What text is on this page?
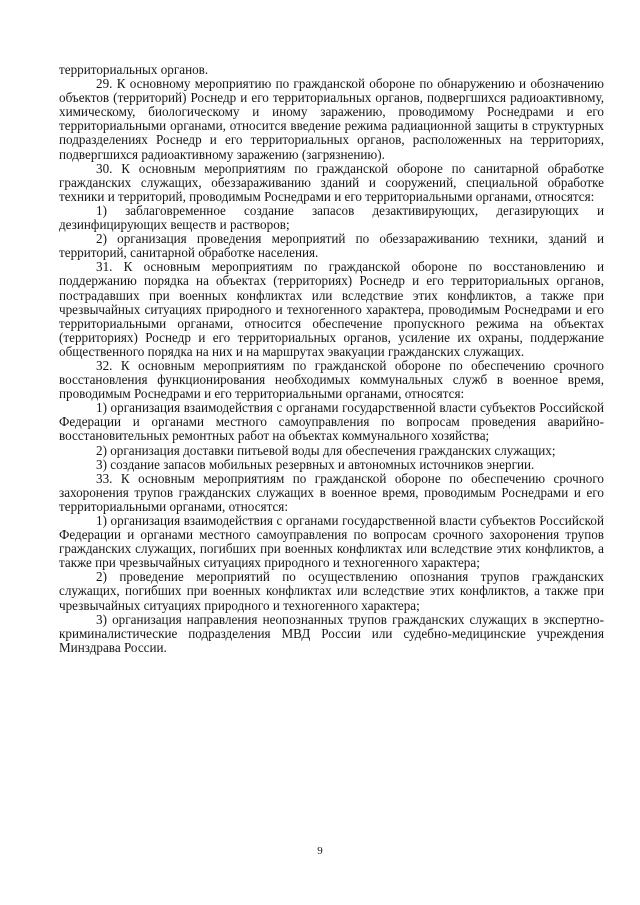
территориальных органов.

29. К основному мероприятию по гражданской обороне по обнаружению и обозначению объектов (территорий) Роснедр и его территориальных органов, подвергшихся радиоактивному, химическому, биологическому и иному заражению, проводимому Роснедрами и его территориальными органами, относится введение режима радиационной защиты в структурных подразделениях Роснедр и его территориальных органов, расположенных на территориях, подвергшихся радиоактивному заражению (загрязнению).

30. К основным мероприятиям по гражданской обороне по санитарной обработке гражданских служащих, обеззараживанию зданий и сооружений, специальной обработке техники и территорий, проводимым Роснедрами и его территориальными органами, относятся:

1) заблаговременное создание запасов дезактивирующих, дегазирующих и дезинфицирующих веществ и растворов;

2) организация проведения мероприятий по обеззараживанию техники, зданий и территорий, санитарной обработке населения.

31. К основным мероприятиям по гражданской обороне по восстановлению и поддержанию порядка на объектах (территориях) Роснедр и его территориальных органов, пострадавших при военных конфликтах или вследствие этих конфликтов, а также при чрезвычайных ситуациях природного и техногенного характера, проводимым Роснедрами и его территориальными органами, относится обеспечение пропускного режима на объектах (территориях) Роснедр и его территориальных органов, усиление их охраны, поддержание общественного порядка на них и на маршрутах эвакуации гражданских служащих.

32. К основным мероприятиям по гражданской обороне по обеспечению срочного восстановления функционирования необходимых коммунальных служб в военное время, проводимым Роснедрами и его территориальными органами, относятся:

1) организация взаимодействия с органами государственной власти субъектов Российской Федерации и органами местного самоуправления по вопросам проведения аварийно-восстановительных ремонтных работ на объектах коммунального хозяйства;

2) организация доставки питьевой воды для обеспечения гражданских служащих;

3) создание запасов мобильных резервных и автономных источников энергии.

33. К основным мероприятиям по гражданской обороне по обеспечению срочного захоронения трупов гражданских служащих в военное время, проводимым Роснедрами и его территориальными органами, относятся:

1) организация взаимодействия с органами государственной власти субъектов Российской Федерации и органами местного самоуправления по вопросам срочного захоронения трупов гражданских служащих, погибших при военных конфликтах или вследствие этих конфликтов, а также при чрезвычайных ситуациях природного и техногенного характера;

2) проведение мероприятий по осуществлению опознания трупов гражданских служащих, погибших при военных конфликтах или вследствие этих конфликтов, а также при чрезвычайных ситуациях природного и техногенного характера;

3) организация направления неопознанных трупов гражданских служащих в экспертно-криминалистические подразделения МВД России или судебно-медицинские учреждения Минздрава России.

9
